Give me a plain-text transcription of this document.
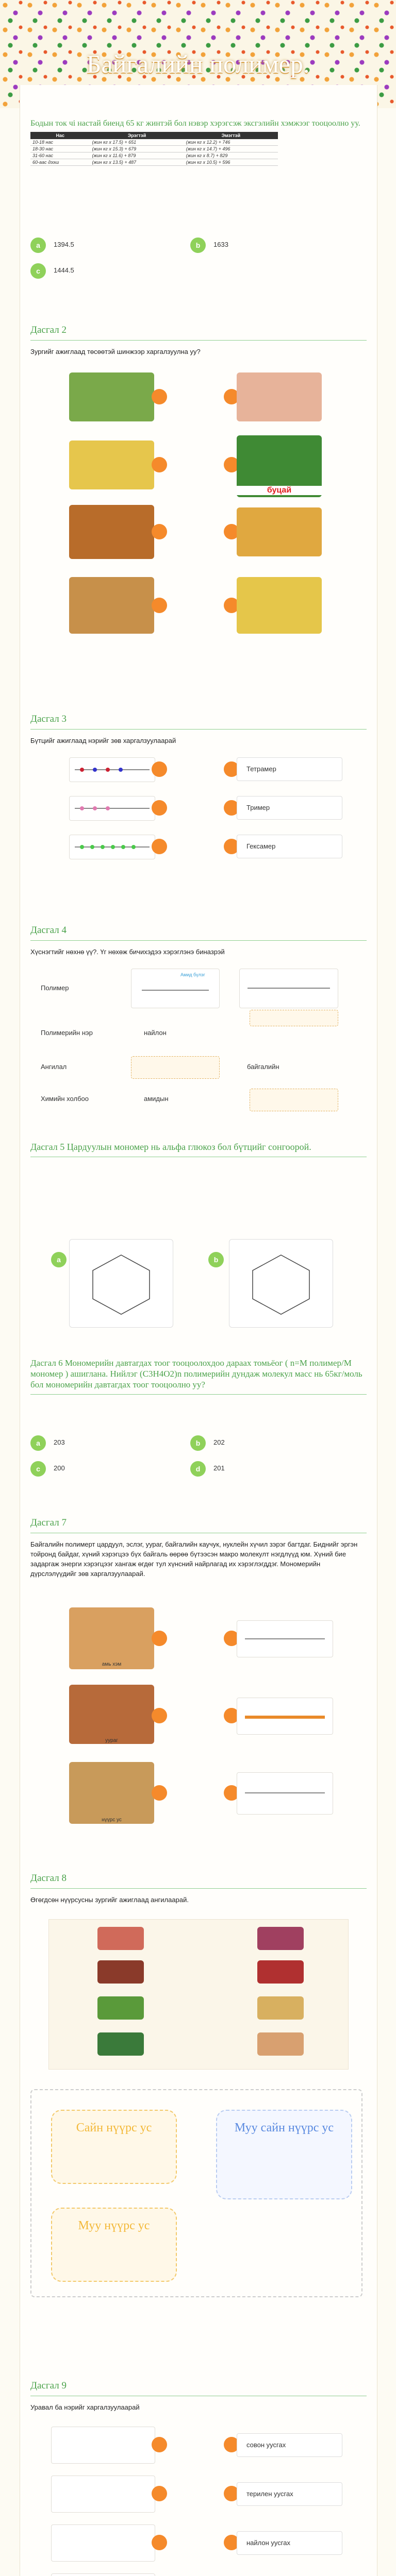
Байгалийн полимер.
Бодын ток чі настай биенд 65 кг жинтэй бол нэвэр хэрэгсэж эксгэлийн хэмжээг тооцоолно уу.
Нас	Эрэгтэй	Эмэгтэй
10-18 нас	(жин кг х 17.5) + 651	(жин кг х 12.2) + 746
18-30 нас	(жин кг х 15.3) + 679	(жин кг х 14.7) + 496
31-60 нас	(жин кг х 11.6) + 879	(жин кг х 8.7) + 829
60-аас дээш	(жин кг х 13.5) + 487	(жин кг х 10.5) + 596
a	1394.5	b	1633
c	1444.5
Дасгал 2
Зургийг ажиглаад төсөөтэй шинжээр харгалзуулна уу?
буцай
Дасгал 3
Бүтцийг ажиглаад нэрийг зөв харгалзуулаарай
Тетрамер
Тример
Гексамер
Дасгал 4
Хүснэгтийг нөхнө үү?. Үг нөхөж бичихэдээ хэрэглэнэ биназрэй
Полимер
Амид бүлэг
Полимерийн нэр	найлон
Ангилал	байгалийн
Химийн холбоо	амидын
Дасгал 5 Цардуулын мономер нь альфа глюкоз бол бүтцийг сонгоорой.
a	b
Дасгал 6 Мономерийн давтагдах тоог тооцоолохдоо дараах томьёог ( n=M полимер/M мономер ) ашиглана. Нийлэг (C3H4O2)n полимерийн дундаж молекул масс нь 65кг/моль бол мономерийн давтагдах тоог тооцоолно уу?
a	203	b	202
c	200	d	201
Дасгал 7
Байгалийн полимерт цардуул, эслэг, уураг, байгалийн каучук, нуклейн хүчил зэрэг багтдаг. Биднийг эргэн тойронд байдаг, хүний хэрэгцээ бүх байгаль өөрөө бүтээсэн макро молекулт нэгдлүүд юм. Хүний бие задаргаж энерги хэрэгцээг хангаж өгдөг тул хүнсний найрлагад их хэрэглэгддэг. Мономерийн дүрслэлүүдийг зөв харгалзуулаарай.
амь хэм
уураг
нүүрс ус
Дасгал 8
Өгөгдсөн нүүрсусны зургийг ажиглаад ангилаарай.
Сайн нүүрс ус	Муу сайн нүүрс ус
Муу нүүрс ус
Дасгал 9
Уравал ба нэрийг харгалзуулаарай
совон уусгах
терилен уусгах
найлон уусгах
